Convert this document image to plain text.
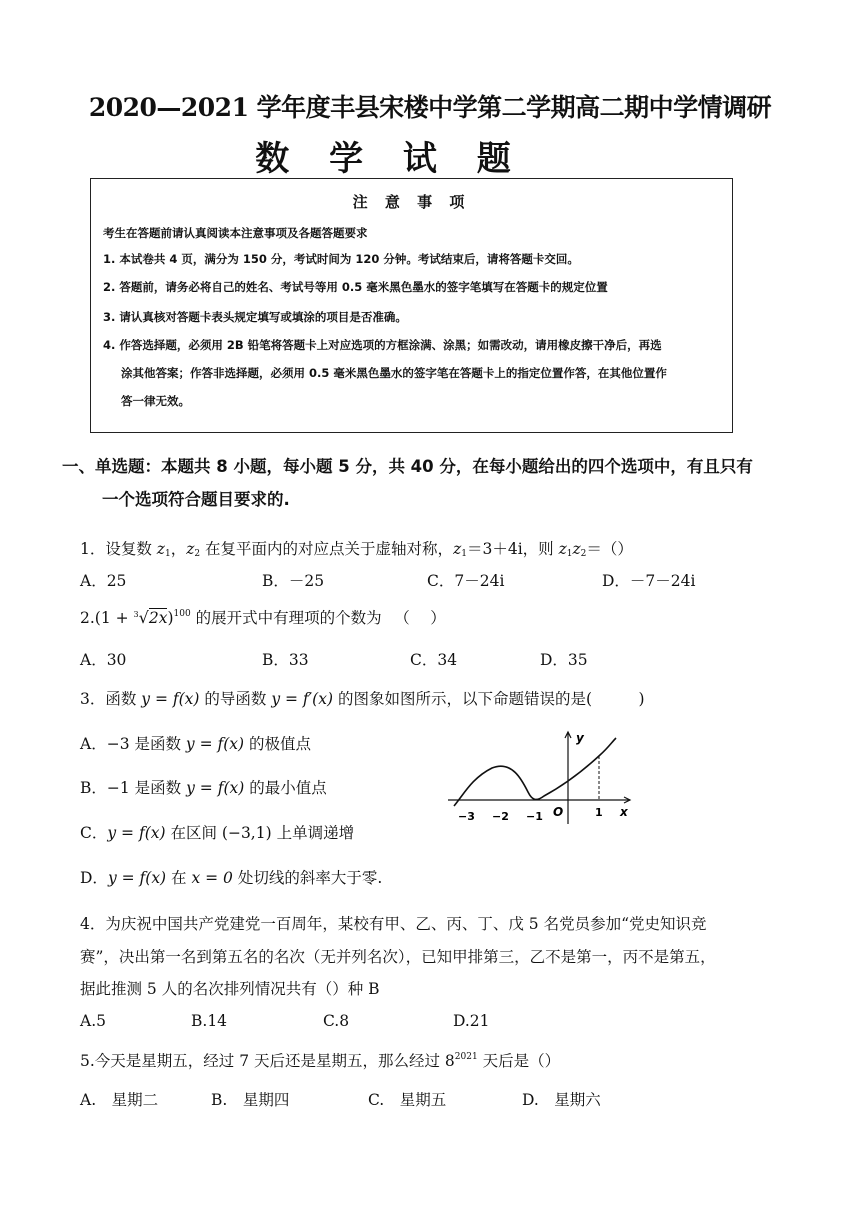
2020—2021 学年度丰县宋楼中学第二学期高二期中学情调研
数 学 试 题
注 意 事 项
考生在答题前请认真阅读本注意事项及各题答题要求
1. 本试卷共 4 页，满分为 150 分，考试时间为 120 分钟。考试结束后，请将答题卡交回。
2. 答题前，请务必将自己的姓名、考试号等用 0.5 毫米黑色墨水的签字笔填写在答题卡的规定位置
3. 请认真核对答题卡表头规定填写或填涂的项目是否准确。
4. 作答选择题，必须用 2B 铅笔将答题卡上对应选项的方框涂满、涂黑；如需改动，请用橡皮擦干净后，再选
涂其他答案；作答非选择题，必须用 0.5 毫米黑色墨水的签字笔在答题卡上的指定位置作答，在其他位置作
答一律无效。
一、单选题：本题共 8 小题，每小题 5 分，共 40 分，在每小题给出的四个选项中，有且只有
一个选项符合题目要求的.
1．设复数 $z_1$，$z_2$ 在复平面内的对应点关于虚轴对称，$z_1=3+4i$，则 $z_1z_2=()$
A．25	B．－25	C．7－24i	D．－7－24i
$2.(1 + ^3√2x)^{100}$ 的展开式中有理项的个数为 　（　 ）
A．30	B．33	C．34	D．35
3．函数 y = f(x) 的导函数 y = f′(x) 的图象如图所示，以下命题错误的是(　　　)
A．−3 是函数 y = f(x) 的极值点
B．−1 是函数 y = f(x) 的最小值点
C．y = f(x) 在区间 (−3,1) 上单调递增
D．y = f(x) 在 x = 0 处切线的斜率大于零.
y
x
−3 −2 −1 O	1
4．为庆祝中国共产党建党一百周年，某校有甲、乙、丙、丁、戊 5 名党员参加“党史知识竞
赛”，决出第一名到第五名的名次（无并列名次），已知甲排第三，乙不是第一，丙不是第五，
据此推测 5 人的名次排列情况共有（）种 B
A.5	B.14	C.8	D.21
5.今天是星期五，经过 7 天后还是星期五，那么经过 $8^{2021}$ 天后是（）
A.　星期二	B.　星期四	C.　星期五	D.　星期六
